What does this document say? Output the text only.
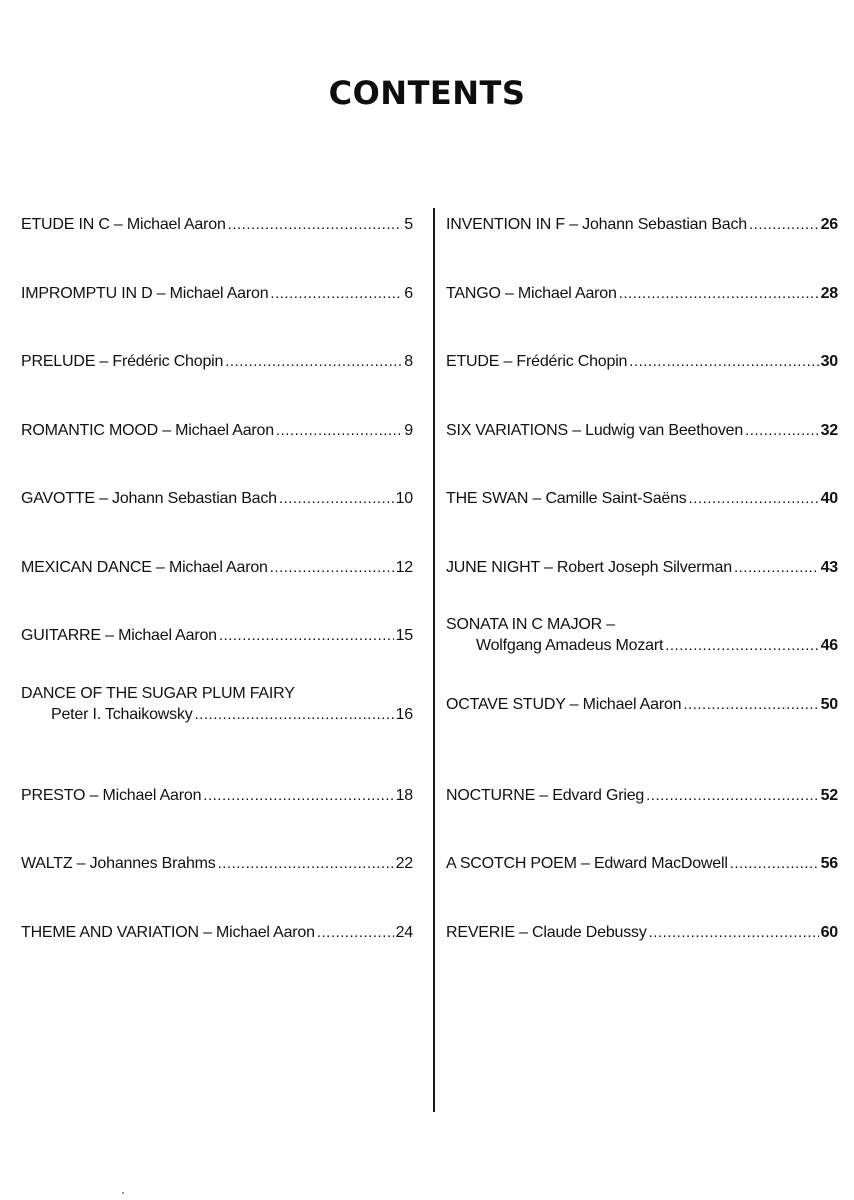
CONTENTS
ETUDE IN C – Michael Aaron .....	5
IMPROMPTU IN D – Michael Aaron .....	6
PRELUDE – Frédéric Chopin .....	8
ROMANTIC MOOD – Michael Aaron .....	9
GAVOTTE – Johann Sebastian Bach .....	10
MEXICAN DANCE – Michael Aaron .....	12
GUITARRE – Michael Aaron .....	15
DANCE OF THE SUGAR PLUM FAIRY
Peter I. Tchaikowsky .....	16
PRESTO – Michael Aaron .....	18
WALTZ – Johannes Brahms .....	22
THEME AND VARIATION – Michael Aaron .....	24
INVENTION IN F – Johann Sebastian Bach .....	26
TANGO – Michael Aaron .....	28
ETUDE – Frédéric Chopin .....	30
SIX VARIATIONS – Ludwig van Beethoven .....	32
THE SWAN – Camille Saint-Saëns .....	40
JUNE NIGHT – Robert Joseph Silverman .....	43
SONATA IN C MAJOR –
Wolfgang Amadeus Mozart .....	46
OCTAVE STUDY – Michael Aaron .....	50
NOCTURNE – Edvard Grieg .....	52
A SCOTCH POEM – Edward MacDowell .....	56
REVERIE – Claude Debussy .....	60
